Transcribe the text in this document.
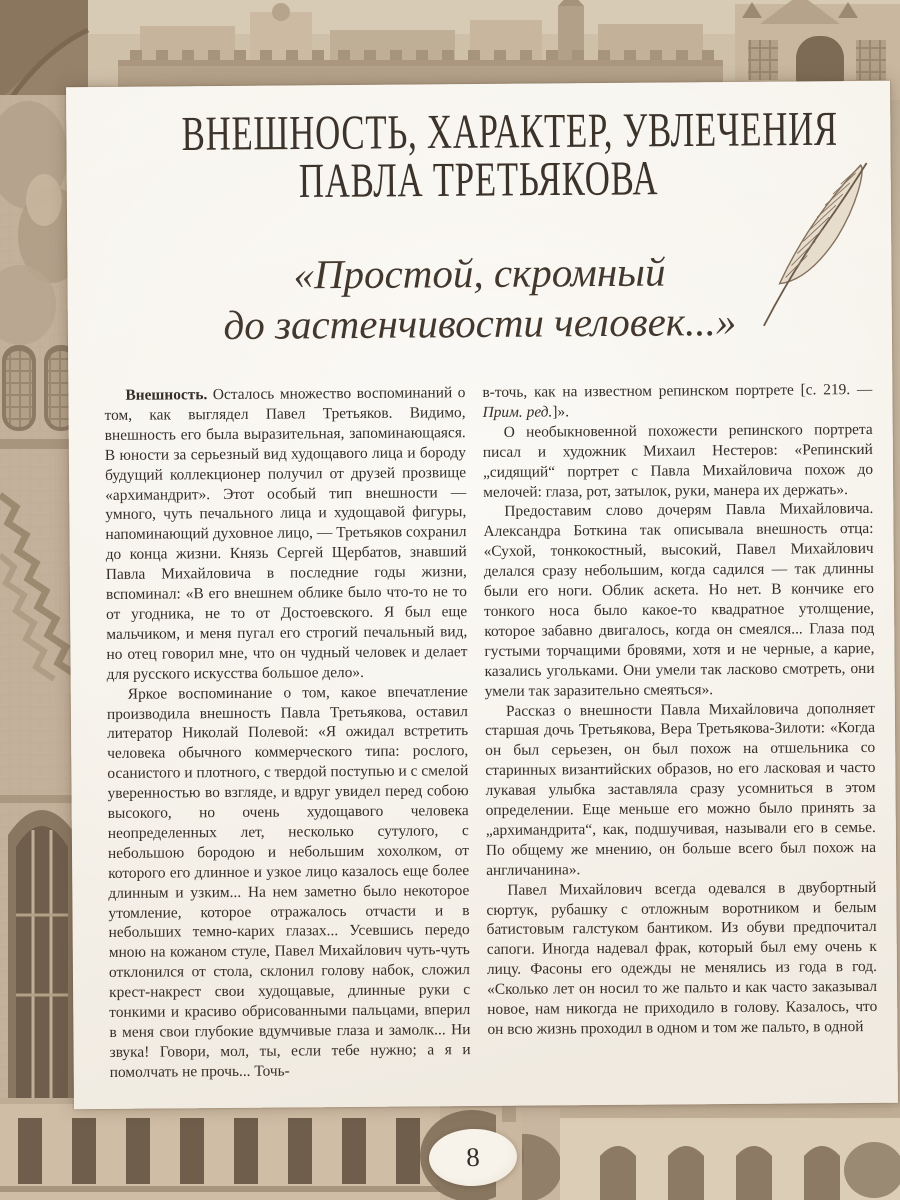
ВНЕШНОСТЬ, ХАРАКТЕР, УВЛЕЧЕНИЯ
ПАВЛА ТРЕТЬЯКОВА
«Простой, скромный
до застенчивости человек...»

Внешность. Осталось множество воспоминаний о том, как выглядел Павел Третьяков. Видимо, внешность его была выразительная, запоминающаяся. В юности за серьезный вид худощавого лица и бороду будущий коллекционер получил от друзей прозвище «архимандрит». Этот особый тип внешности — умного, чуть печального лица и худощавой фигуры, напоминающий духовное лицо, — Третьяков сохранил до конца жизни. Князь Сергей Щербатов, знавший Павла Михайловича в последние годы жизни, вспоминал: «В его внешнем облике было что-то не то от угодника, не то от Достоевского. Я был еще мальчиком, и меня пугал его строгий печальный вид, но отец говорил мне, что он чудный человек и делает для русского искусства большое дело».

Яркое воспоминание о том, какое впечатление производила внешность Павла Третьякова, оставил литератор Николай Полевой: «Я ожидал встретить человека обычного коммерческого типа: рослого, осанистого и плотного, с твердой поступью и с смелой уверенностью во взгляде, и вдруг увидел перед собою высокого, но очень худощавого человека неопределенных лет, несколько сутулого, с небольшою бородою и небольшим хохолком, от которого его длинное и узкое лицо казалось еще более длинным и узким... На нем заметно было некоторое утомление, которое отражалось отчасти и в небольших темно-карих глазах... Усевшись передо мною на кожаном стуле, Павел Михайлович чуть-чуть отклонился от стола, склонил голову набок, сложил крест-накрест свои худощавые, длинные руки с тонкими и красиво обрисованными пальцами, вперил в меня свои глубокие вдумчивые глаза и замолк... Ни звука! Говори, мол, ты, если тебе нужно; а я и помолчать не прочь... Точь-

в-точь, как на известном репинском портрете [с. 219. — Прим. ред.]».

О необыкновенной похожести репинского портрета писал и художник Михаил Нестеров: «Репинский „сидящий“ портрет с Павла Михайловича похож до мелочей: глаза, рот, затылок, руки, манера их держать».

Предоставим слово дочерям Павла Михайловича. Александра Боткина так описывала внешность отца: «Сухой, тонкокостный, высокий, Павел Михайлович делался сразу небольшим, когда садился — так длинны были его ноги. Облик аскета. Но нет. В кончике его тонкого носа было какое-то квадратное утолщение, которое забавно двигалось, когда он смеялся... Глаза под густыми торчащими бровями, хотя и не черные, а карие, казались угольками. Они умели так ласково смотреть, они умели так заразительно смеяться».

Рассказ о внешности Павла Михайловича дополняет старшая дочь Третьякова, Вера Третьякова-Зилоти: «Когда он был серьезен, он был похож на отшельника со старинных византийских образов, но его ласковая и часто лукавая улыбка заставляла сразу усомниться в этом определении. Еще меньше его можно было принять за „архимандрита“, как, подшучивая, называли его в семье. По общему же мнению, он больше всего был похож на англичанина».

Павел Михайлович всегда одевался в двубортный сюртук, рубашку с отложным воротником и белым батистовым галстуком бантиком. Из обуви предпочитал сапоги. Иногда надевал фрак, который был ему очень к лицу. Фасоны его одежды не менялись из года в год. «Сколько лет он носил то же пальто и как часто заказывал новое, нам никогда не приходило в голову. Казалось, что он всю жизнь проходил в одном и том же пальто, в одной

8
